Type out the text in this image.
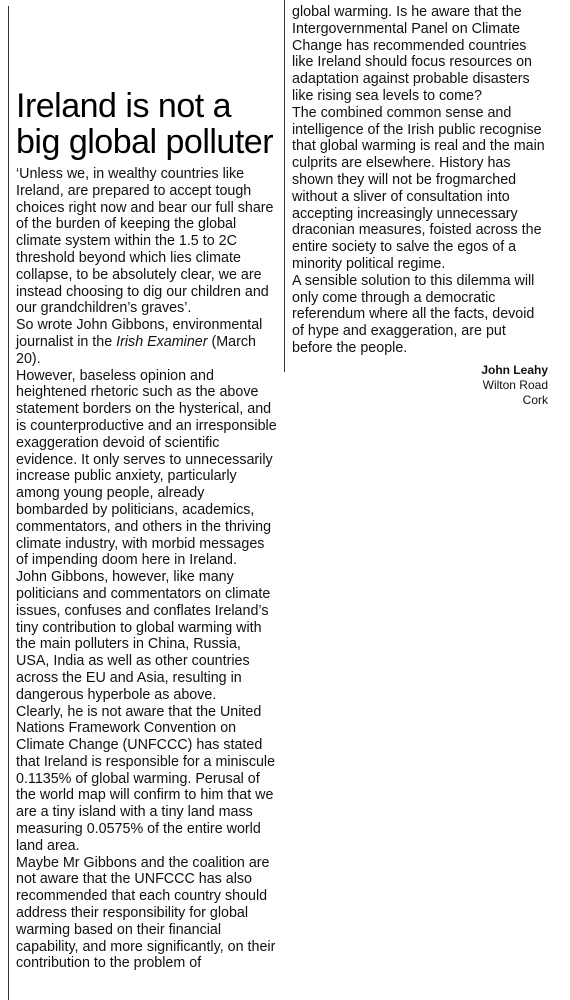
Ireland is not a big global polluter

‘Unless we, in wealthy countries like Ireland, are prepared to accept tough choices right now and bear our full share of the burden of keeping the global climate system within the 1.5 to 2C threshold beyond which lies climate collapse, to be absolutely clear, we are instead choosing to dig our children and our grandchildren’s graves’.

So wrote John Gibbons, environmental journalist in the Irish Examiner (March 20).

However, baseless opinion and heightened rhetoric such as the above statement borders on the hysterical, and is counterproductive and an irresponsible exaggeration devoid of scientific evidence. It only serves to unnecessarily increase public anxiety, particularly among young people, already bombarded by politicians, academics, commentators, and others in the thriving climate industry, with morbid messages of impending doom here in Ireland.

John Gibbons, however, like many politicians and commentators on climate issues, confuses and conflates Ireland’s tiny contribution to global warming with the main polluters in China, Russia, USA, India as well as other countries across the EU and Asia, resulting in dangerous hyperbole as above.

Clearly, he is not aware that the United Nations Framework Convention on Climate Change (UNFCCC) has stated that Ireland is responsible for a miniscule 0.1135% of global warming. Perusal of the world map will confirm to him that we are a tiny island with a tiny land mass measuring 0.0575% of the entire world land area.

Maybe Mr Gibbons and the coalition are not aware that the UNFCCC has also recommended that each country should address their responsibility for global warming based on their financial capability, and more significantly, on their contribution to the problem of

global warming. Is he aware that the Intergovernmental Panel on Climate Change has recommended countries like Ireland should focus resources on adaptation against probable disasters like rising sea levels to come?

The combined common sense and intelligence of the Irish public recognise that global warming is real and the main culprits are elsewhere. History has shown they will not be frogmarched without a sliver of consultation into accepting increasingly unnecessary draconian measures, foisted across the entire society to salve the egos of a minority political regime.

A sensible solution to this dilemma will only come through a democratic referendum where all the facts, devoid of hype and exaggeration, are put before the people.

John Leahy
Wilton Road
Cork
